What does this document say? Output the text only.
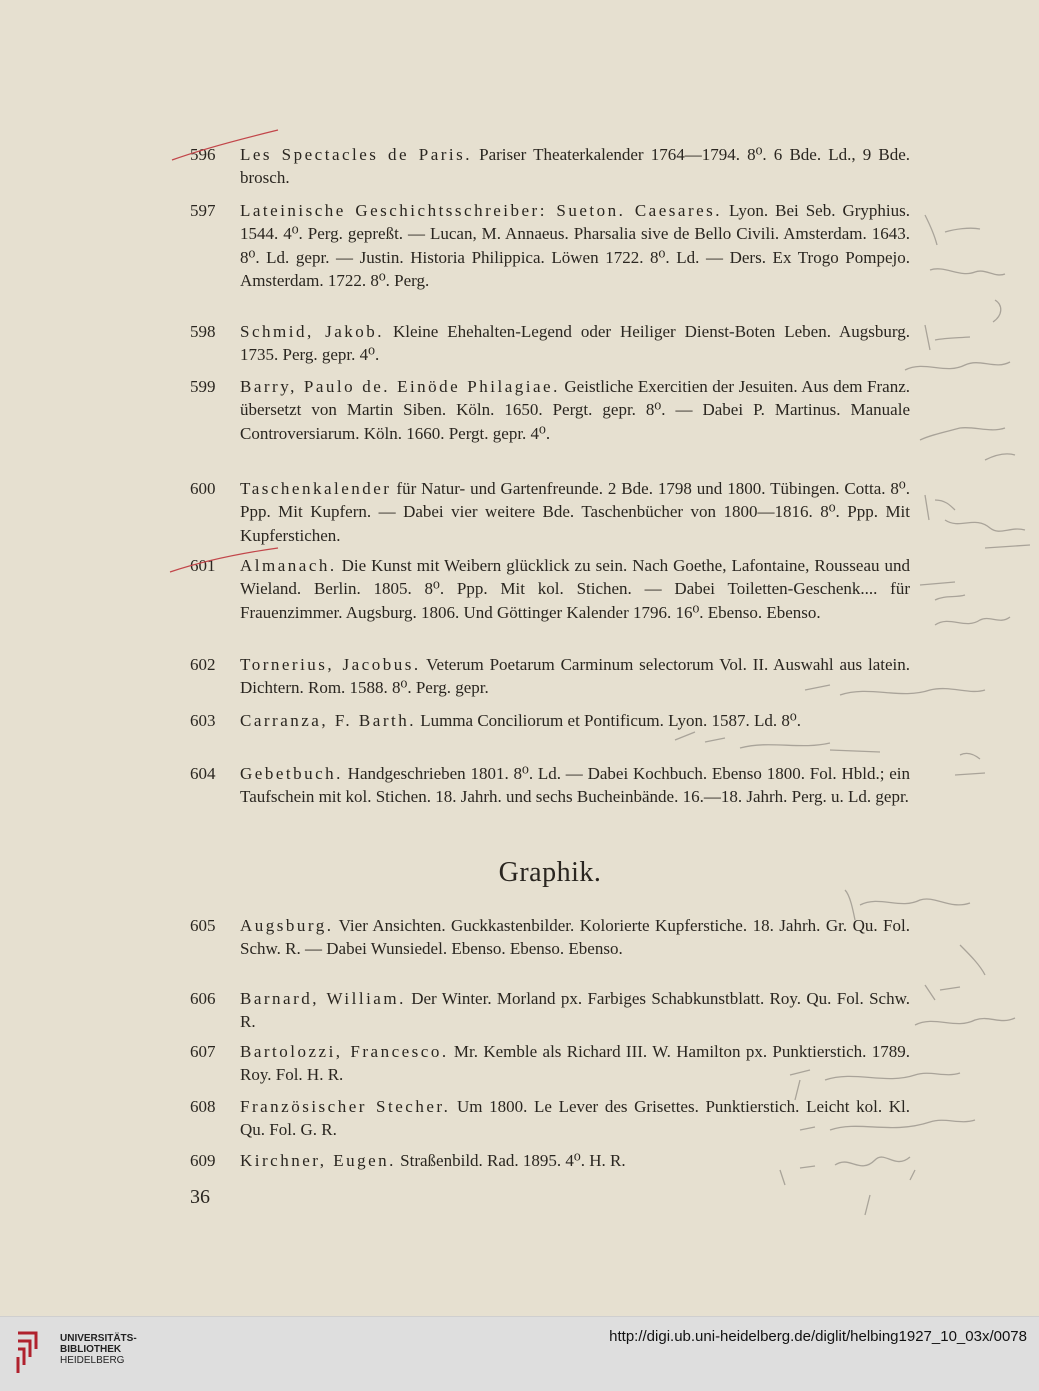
596	Les Spectacles de Paris. Pariser Theaterkalender 1764—1794. 8⁰. 6 Bde. Ld., 9 Bde. brosch.
597	Lateinische Geschichtsschreiber: Sueton. Caesares. Lyon. Bei Seb. Gryphius. 1544. 4⁰. Perg. gepreßt. — Lucan, M. Annaeus. Pharsalia sive de Bello Civili. Amsterdam. 1643. 8⁰. Ld. gepr. — Justin. Historia Philippica. Löwen 1722. 8⁰. Ld. — Ders. Ex Trogo Pompejo. Amsterdam. 1722. 8⁰. Perg.
598	Schmid, Jakob. Kleine Ehehalten-Legend oder Heiliger Dienst-Boten Leben. Augsburg. 1735. Perg. gepr. 4⁰.
599	Barry, Paulo de. Einöde Philagiae. Geistliche Exercitien der Jesuiten. Aus dem Franz. übersetzt von Martin Siben. Köln. 1650. Pergt. gepr. 8⁰. — Dabei P. Martinus. Manuale Controversiarum. Köln. 1660. Pergt. gepr. 4⁰.
600	Taschenkalender für Natur- und Gartenfreunde. 2 Bde. 1798 und 1800. Tübingen. Cotta. 8⁰. Ppp. Mit Kupfern. — Dabei vier weitere Bde. Taschenbücher von 1800—1816. 8⁰. Ppp. Mit Kupferstichen.
601	Almanach. Die Kunst mit Weibern glücklick zu sein. Nach Goethe, Lafontaine, Rousseau und Wieland. Berlin. 1805. 8⁰. Ppp. Mit kol. Stichen. — Dabei Toiletten-Geschenk.... für Frauenzimmer. Augsburg. 1806. Und Göttinger Kalender 1796. 16⁰. Ebenso. Ebenso.
602	Tornerius, Jacobus. Veterum Poetarum Carminum selectorum Vol. II. Auswahl aus latein. Dichtern. Rom. 1588. 8⁰. Perg. gepr.
603	Carranza, F. Barth. Lumma Conciliorum et Pontificum. Lyon. 1587. Ld. 8⁰.
604	Gebetbuch. Handgeschrieben 1801. 8⁰. Ld. — Dabei Kochbuch. Ebenso 1800. Fol. Hbld.; ein Taufschein mit kol. Stichen. 18. Jahrh. und sechs Bucheinbände. 16.—18. Jahrh. Perg. u. Ld. gepr.
Graphik.
605	Augsburg. Vier Ansichten. Guckkastenbilder. Kolorierte Kupferstiche. 18. Jahrh. Gr. Qu. Fol. Schw. R. — Dabei Wunsiedel. Ebenso. Ebenso. Ebenso.
606	Barnard, William. Der Winter. Morland px. Farbiges Schabkunstblatt. Roy. Qu. Fol. Schw. R.
607	Bartolozzi, Francesco. Mr. Kemble als Richard III. W. Hamilton px. Punktierstich. 1789. Roy. Fol. H. R.
608	Französischer Stecher. Um 1800. Le Lever des Grisettes. Punktierstich. Leicht kol. Kl. Qu. Fol. G. R.
609	Kirchner, Eugen. Straßenbild. Rad. 1895. 4⁰. H. R.
36
UNIVERSITÄTS-
BIBLIOTHEK
HEIDELBERG
http://digi.ub.uni-heidelberg.de/diglit/helbing1927_10_03x/0078
